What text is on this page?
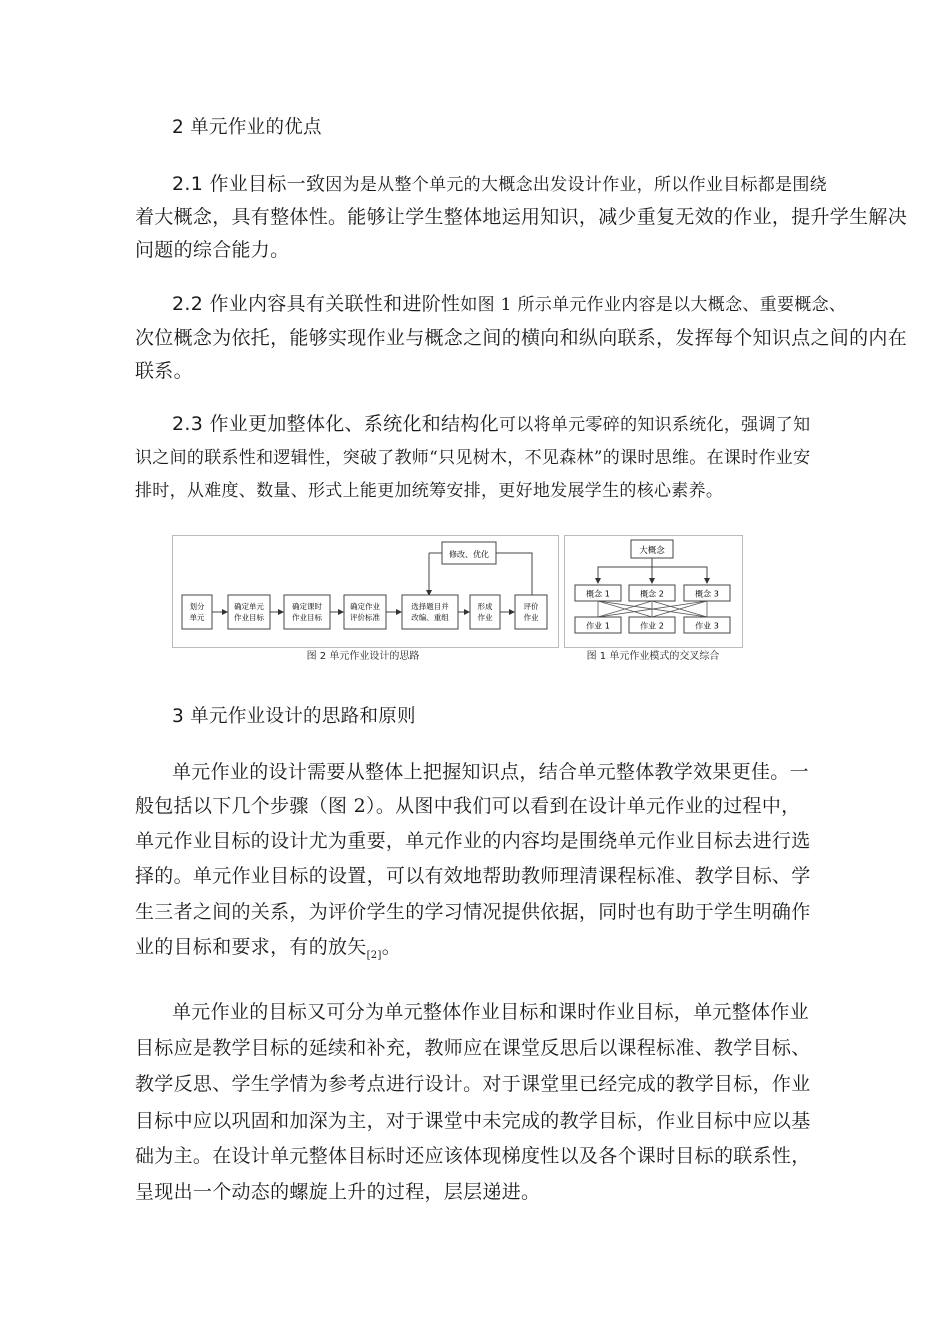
2 单元作业的优点
2.1 作业目标一致因为是从整个单元的大概念出发设计作业，所以作业目标都是围绕
着大概念，具有整体性。能够让学生整体地运用知识，减少重复无效的作业，提升学生解决
问题的综合能力。
2.2 作业内容具有关联性和进阶性如图 1 所示单元作业内容是以大概念、重要概念、
次位概念为依托，能够实现作业与概念之间的横向和纵向联系，发挥每个知识点之间的内在
联系。
2.3 作业更加整体化、系统化和结构化可以将单元零碎的知识系统化，强调了知
识之间的联系性和逻辑性，突破了教师“只见树木，不见森林”的课时思维。在课时作业安
排时，从难度、数量、形式上能更加统筹安排，更好地发展学生的核心素养。
修改、优化
划分
单元
确定单元
作业目标
确定课时
作业目标
确定作业
评价标准
选择题目并
改编、重组
形成
作业
评价
作业
图 2 单元作业设计的思路
大概念
概念 1	概念 2	概念 3
作业 1	作业 2	作业 3
图 1 单元作业模式的交叉综合
3 单元作业设计的思路和原则
单元作业的设计需要从整体上把握知识点，结合单元整体教学效果更佳。一
般包括以下几个步骤（图 2）。从图中我们可以看到在设计单元作业的过程中，
单元作业目标的设计尤为重要，单元作业的内容均是围绕单元作业目标去进行选
择的。单元作业目标的设置，可以有效地帮助教师理清课程标准、教学目标、学
生三者之间的关系，为评价学生的学习情况提供依据，同时也有助于学生明确作
业的目标和要求，有的放矢$_{[2]}$。
单元作业的目标又可分为单元整体作业目标和课时作业目标，单元整体作业
目标应是教学目标的延续和补充，教师应在课堂反思后以课程标准、教学目标、
教学反思、学生学情为参考点进行设计。对于课堂里已经完成的教学目标，作业
目标中应以巩固和加深为主，对于课堂中未完成的教学目标，作业目标中应以基
础为主。在设计单元整体目标时还应该体现梯度性以及各个课时目标的联系性，
呈现出一个动态的螺旋上升的过程，层层递进。
